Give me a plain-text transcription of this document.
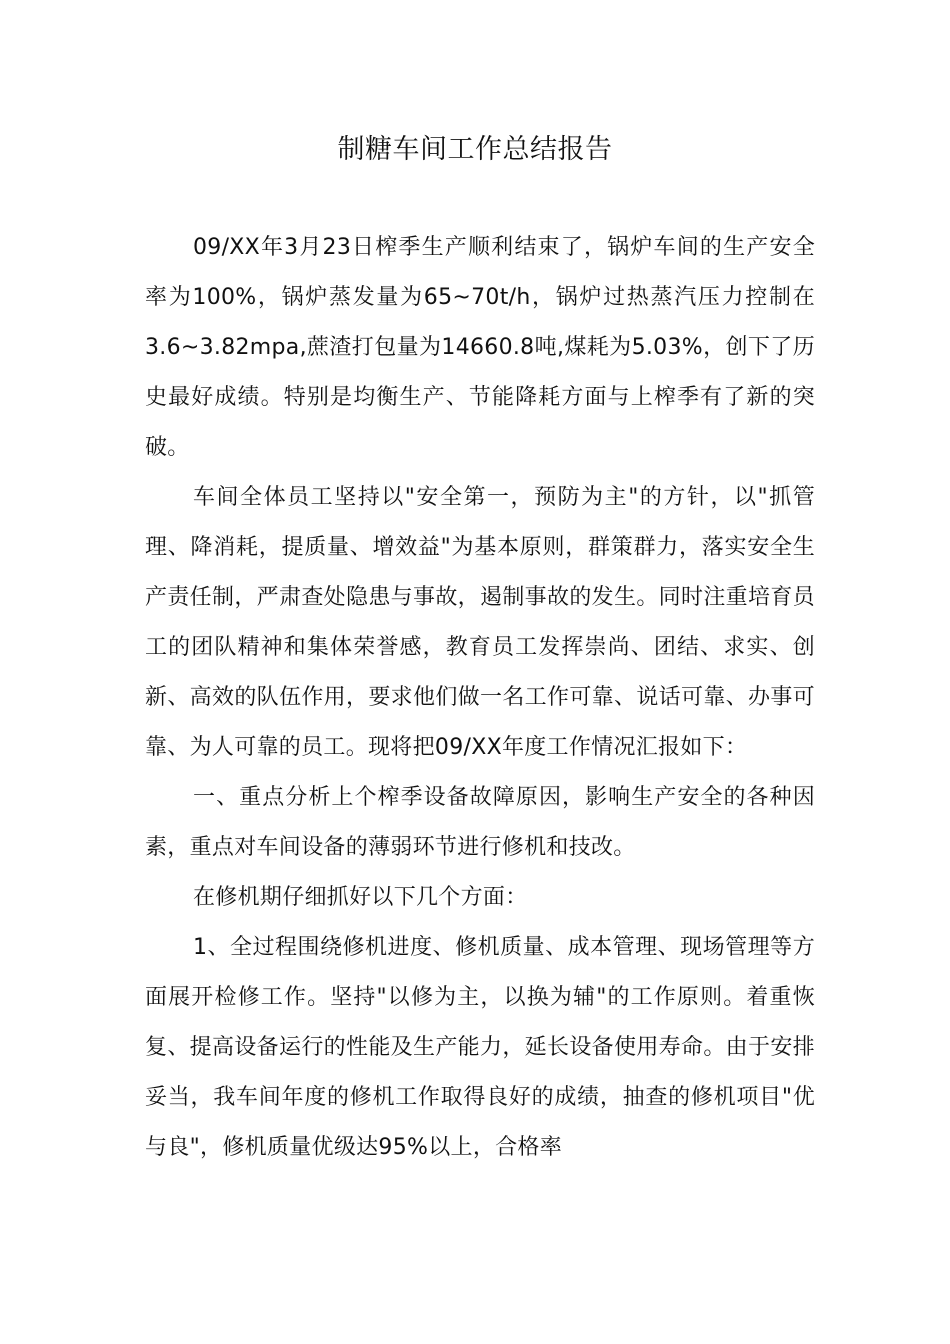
制糖车间工作总结报告

09/XX年3月23日榨季生产顺利结束了，锅炉车间的生产安全率为100%，锅炉蒸发量为65~70t/h，锅炉过热蒸汽压力控制在3.6~3.82mpa,蔗渣打包量为14660.8吨,煤耗为5.03%，创下了历史最好成绩。特别是均衡生产、节能降耗方面与上榨季有了新的突破。

车间全体员工坚持以"安全第一，预防为主"的方针，以"抓管理、降消耗，提质量、增效益"为基本原则，群策群力，落实安全生产责任制，严肃查处隐患与事故，遏制事故的发生。同时注重培育员工的团队精神和集体荣誉感，教育员工发挥崇尚、团结、求实、创新、高效的队伍作用，要求他们做一名工作可靠、说话可靠、办事可靠、为人可靠的员工。现将把09/XX年度工作情况汇报如下：

一、重点分析上个榨季设备故障原因，影响生产安全的各种因素，重点对车间设备的薄弱环节进行修机和技改。

在修机期仔细抓好以下几个方面：

1、全过程围绕修机进度、修机质量、成本管理、现场管理等方面展开检修工作。坚持"以修为主，以换为辅"的工作原则。着重恢复、提高设备运行的性能及生产能力，延长设备使用寿命。由于安排妥当，我车间年度的修机工作取得良好的成绩，抽查的修机项目"优与良"，修机质量优级达95%以上，合格率
